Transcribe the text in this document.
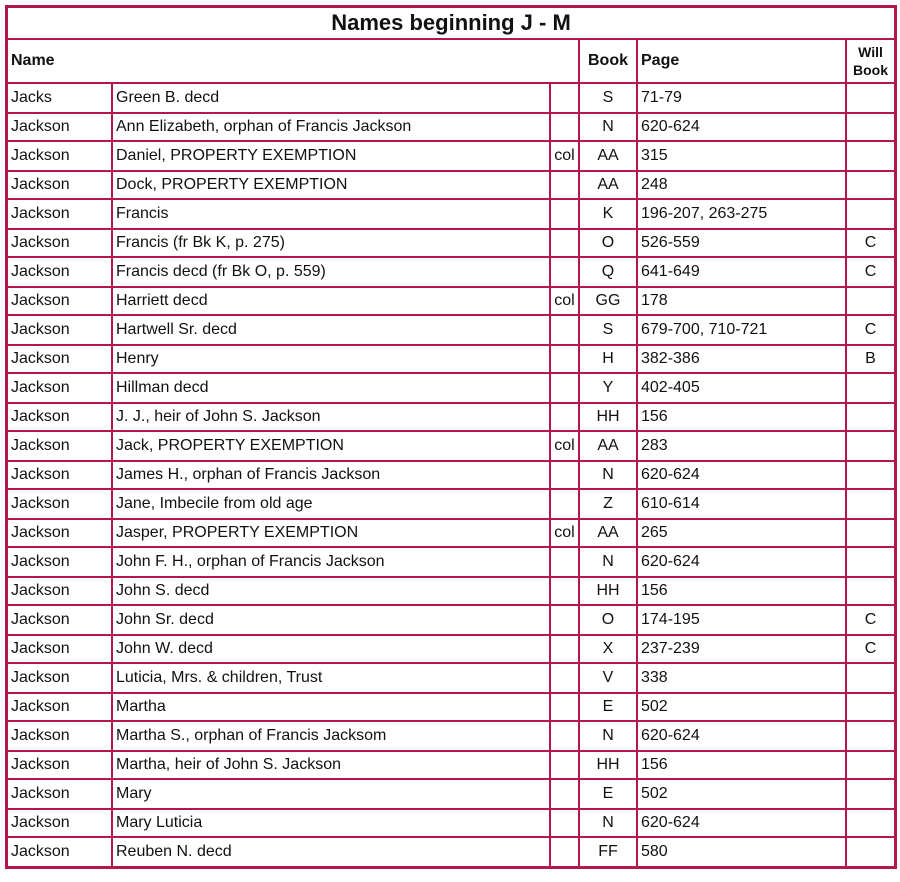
Names beginning J - M					
Name			Book	Page	Will
Book
Jacks	Green B. decd		S	71-79	
Jackson	Ann Elizabeth, orphan of Francis Jackson		N	620-624	
Jackson	Daniel, PROPERTY EXEMPTION	col	AA	315	
Jackson	Dock, PROPERTY EXEMPTION		AA	248	
Jackson	Francis		K	196-207, 263-275	
Jackson	Francis (fr Bk K, p. 275)		O	526-559	C
Jackson	Francis decd (fr Bk O, p. 559)		Q	641-649	C
Jackson	Harriett decd	col	GG	178	
Jackson	Hartwell Sr. decd		S	679-700, 710-721	C
Jackson	Henry		H	382-386	B
Jackson	Hillman decd		Y	402-405	
Jackson	J. J., heir of John S. Jackson		HH	156	
Jackson	Jack, PROPERTY EXEMPTION	col	AA	283	
Jackson	James H., orphan of Francis Jackson		N	620-624	
Jackson	Jane, Imbecile from old age		Z	610-614	
Jackson	Jasper, PROPERTY EXEMPTION	col	AA	265	
Jackson	John F. H., orphan of Francis Jackson		N	620-624	
Jackson	John S. decd		HH	156	
Jackson	John Sr. decd		O	174-195	C
Jackson	John W. decd		X	237-239	C
Jackson	Luticia, Mrs. & children, Trust		V	338	
Jackson	Martha		E	502	
Jackson	Martha S., orphan of Francis Jacksom		N	620-624	
Jackson	Martha, heir of John S. Jackson		HH	156	
Jackson	Mary		E	502	
Jackson	Mary Luticia		N	620-624	
Jackson	Reuben N. decd		FF	580	
